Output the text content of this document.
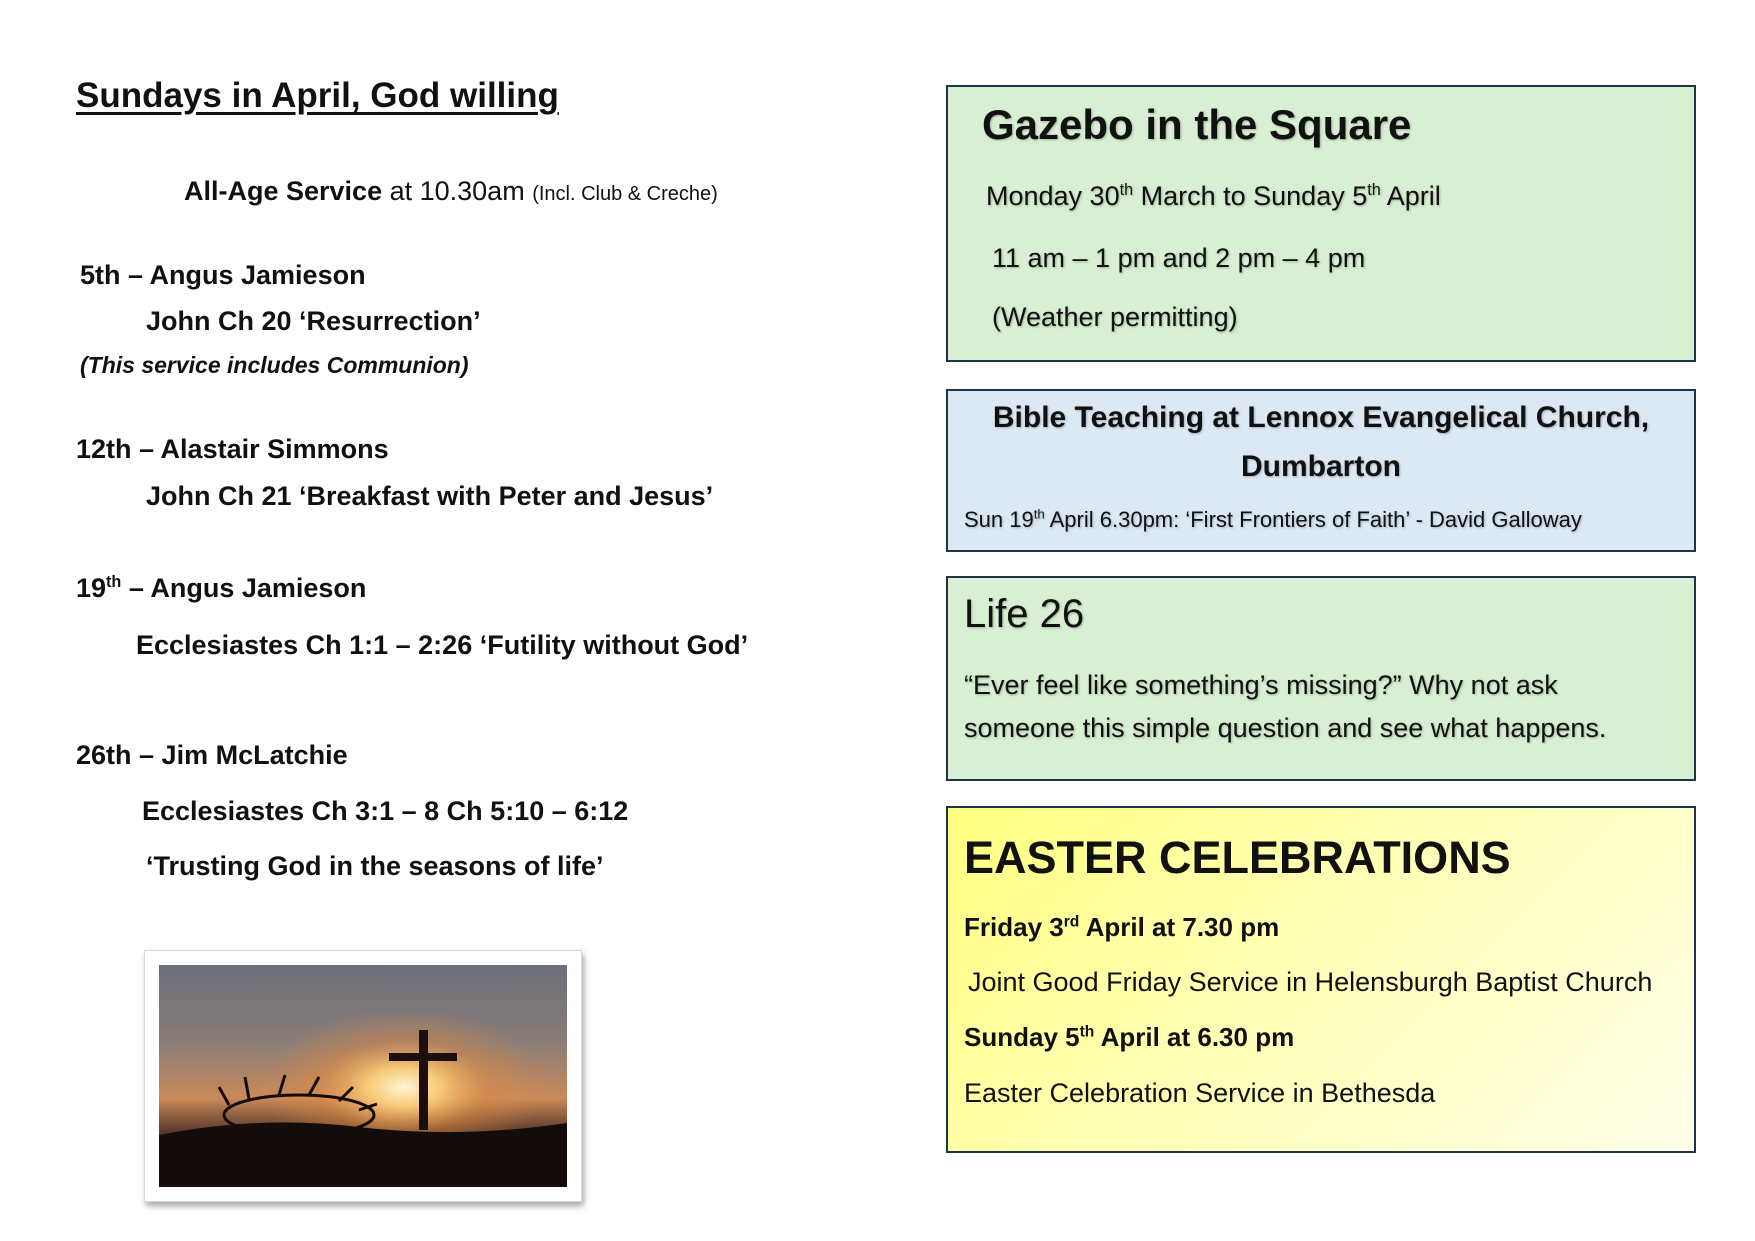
Sundays in April, God willing
All-Age Service at 10.30am (Incl. Club & Creche)
5th – Angus Jamieson
John Ch 20 ‘Resurrection’
(This service includes Communion)
12th – Alastair Simmons
John Ch 21 ‘Breakfast with Peter and Jesus’
19th – Angus Jamieson
Ecclesiastes Ch 1:1 – 2:26 ‘Futility without God’
26th – Jim McLatchie
Ecclesiastes Ch 3:1 – 8 Ch 5:10 – 6:12
‘Trusting God in the seasons of life’
Gazebo in the Square
Monday 30th March to Sunday 5th April
11 am – 1 pm and 2 pm – 4 pm
(Weather permitting)
Bible Teaching at Lennox Evangelical Church,
Dumbarton
Sun 19th April 6.30pm: ‘First Frontiers of Faith’ - David Galloway
Life 26
“Ever feel like something’s missing?” Why not ask
someone this simple question and see what happens.
EASTER CELEBRATIONS
Friday 3rd April at 7.30 pm
Joint Good Friday Service in Helensburgh Baptist Church
Sunday 5th April at 6.30 pm
Easter Celebration Service in Bethesda
